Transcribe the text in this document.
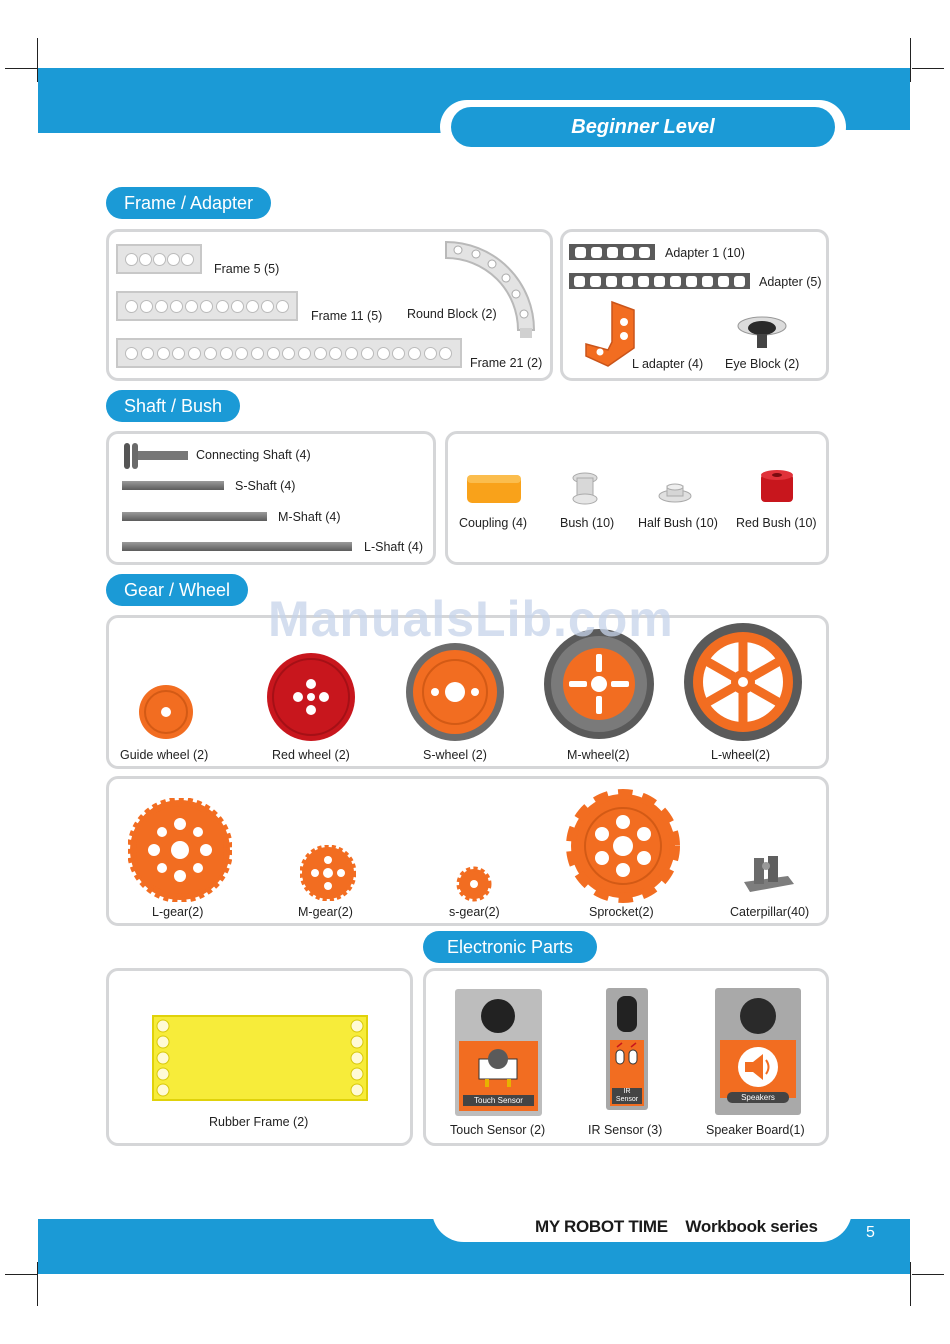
Beginner Level
Frame / Adapter
Frame 5 (5)
Frame 11 (5) Round Block (2)
Frame 21 (2)
Adapter 1 (10)
Adapter (5)
L adapter (4) Eye Block (2)
Shaft / Bush
Connecting Shaft (4)
S-Shaft (4)
M-Shaft (4)
L-Shaft (4)
Coupling (4)	Bush (10) Half Bush (10) Red Bush (10)
Gear / Wheel
Guide wheel (2)	Red wheel (2)	S-wheel (2)	M-wheel(2)	L-wheel(2)
L-gear(2)	M-gear(2)	s-gear(2)	Sprocket(2)	Caterpillar(40)
ManualsLib.com
Electronic Parts
Rubber Frame (2)
Touch Sensor
Touch Sensor (2)
IR Sensor
IR Sensor (3)
Speakers
Speaker Board(1)
MY ROBOT TIME    Workbook series	5
